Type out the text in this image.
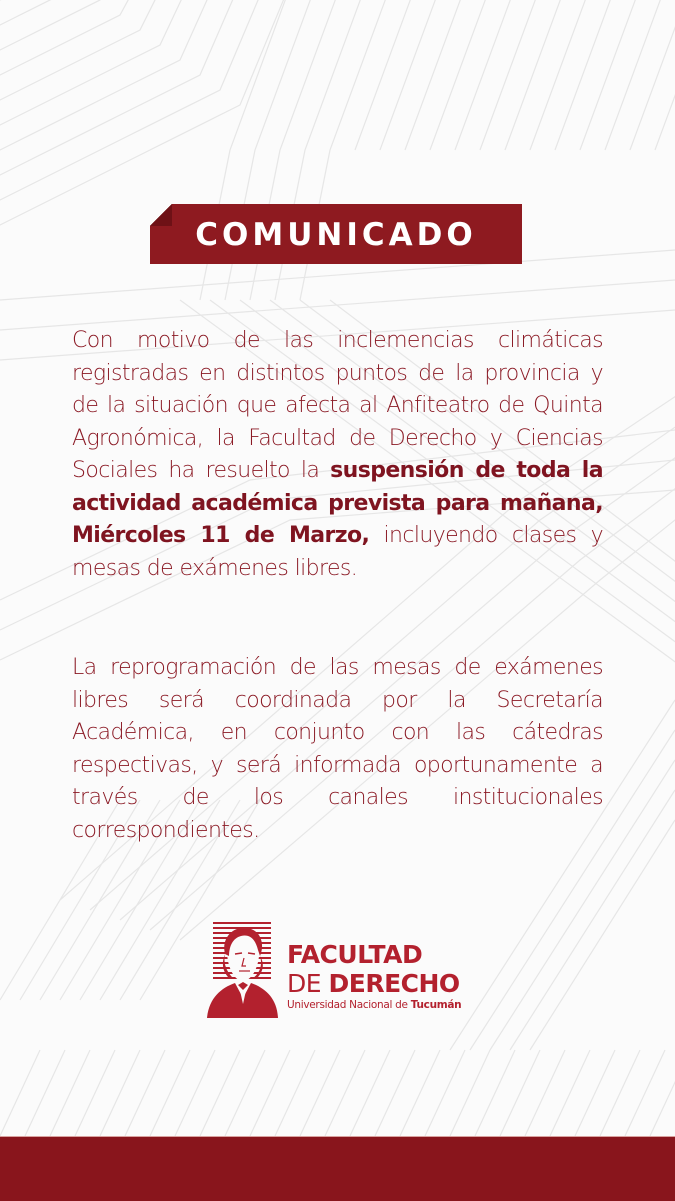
COMUNICADO
Con motivo de las inclemencias climáticas registradas en distintos puntos de la provincia y de la situación que afecta al Anfiteatro de Quinta Agronómica, la Facultad de Derecho y Ciencias Sociales ha resuelto la suspensión de toda la actividad académica prevista para mañana, Miércoles 11 de Marzo, incluyendo clases y mesas de exámenes libres.
La reprogramación de las mesas de exámenes libres será coordinada por la Secretaría Académica, en conjunto con las cátedras respectivas, y será informada oportunamente a través de los canales institucionales correspondientes.
FACULTAD
DE DERECHO
Universidad Nacional de Tucumán
